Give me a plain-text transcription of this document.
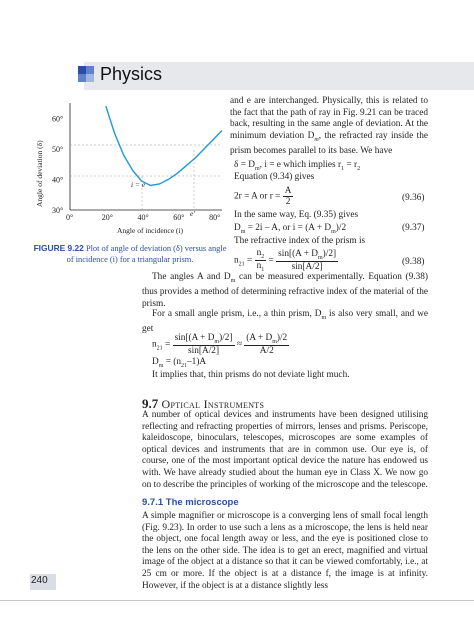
Physics
60°
50°
40°
30°
0°	20°	40°	60°	80°
Angle of deviation (δ)
Angle of incidence (i)
i = e
e′
FIGURE 9.22 Plot of angle of deviation (δ) versus angle of incidence (i) for a triangular prism.
and e are interchanged. Physically, this is related to the fact that the path of ray in Fig. 9.21 can be traced back, resulting in the same angle of deviation. At the minimum deviation $D_m$, the refracted ray inside the prism becomes parallel to its base. We have
$\delta = D_m$, i = e which implies $r_1 = r_2$
Equation (9.34) gives
2r = A or $r = \frac{A}{2}$	(9.36)
In the same way, Eq. (9.35) gives
$D_m = 2i - A$, or $i = (A + D_m)/2$	(9.37)
The refractive index of the prism is
$n_{21} = \frac{n_2}{n_1} = \frac{\sin[(A + D_m)/2]}{\sin[A/2]}$	(9.38)
The angles A and $D_m$ can be measured experimentally. Equation (9.38) thus provides a method of determining refractive index of the material of the prism.
For a small angle prism, i.e., a thin prism, $D_m$ is also very small, and we get
$n_{21} = \frac{\sin[(A + D_m)/2]}{\sin[A/2]} \approx \frac{(A + D_m)/2}{A/2}$
$D_m = (n_{21}-1)A$
It implies that, thin prisms do not deviate light much.
9.7 Optical Instruments
A number of optical devices and instruments have been designed utilising reflecting and refracting properties of mirrors, lenses and prisms. Periscope, kaleidoscope, binoculars, telescopes, microscopes are some examples of optical devices and instruments that are in common use. Our eye is, of course, one of the most important optical device the nature has endowed us with. We have already studied about the human eye in Class X. We now go on to describe the principles of working of the microscope and the telescope.
9.7.1 The microscope
A simple magnifier or microscope is a converging lens of small focal length (Fig. 9.23). In order to use such a lens as a microscope, the lens is held near the object, one focal length away or less, and the eye is positioned close to the lens on the other side. The idea is to get an erect, magnified and virtual image of the object at a distance so that it can be viewed comfortably, i.e., at 25 cm or more. If the object is at a distance f, the image is at infinity. However, if the object is at a distance slightly less
240
